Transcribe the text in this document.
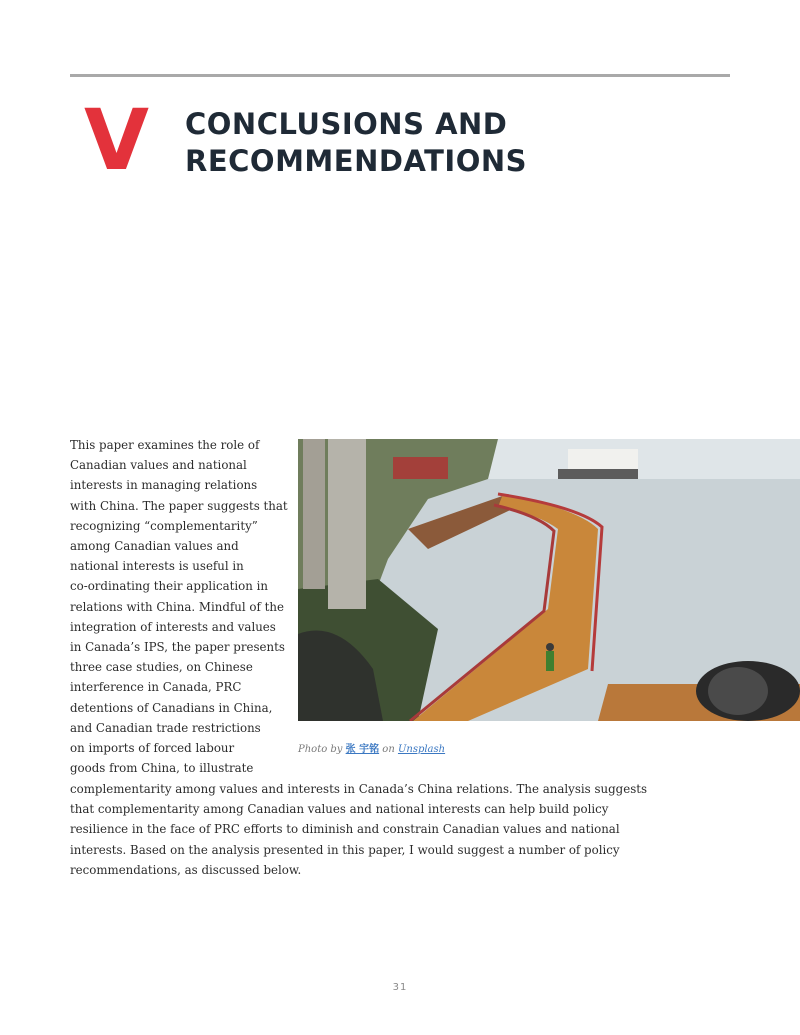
V CONCLUSIONS AND
RECOMMENDATIONS
This paper examines the role of
Canadian values and national
interests in managing relations
with China. The paper suggests that
recognizing “complementarity”
among Canadian values and
national interests is useful in
co-ordinating their application in
relations with China. Mindful of the
integration of interests and values
in Canada’s IPS, the paper presents
three case studies, on Chinese
interference in Canada, PRC
detentions of Canadians in China,
and Canadian trade restrictions
on imports of forced labour
goods from China, to illustrate
Photo by 张 宇铭 on Unsplash
complementarity among values and interests in Canada’s China relations. The analysis suggests
that complementarity among Canadian values and national interests can help build policy
resilience in the face of PRC efforts to diminish and constrain Canadian values and national
interests. Based on the analysis presented in this paper, I would suggest a number of policy
recommendations, as discussed below.
31
